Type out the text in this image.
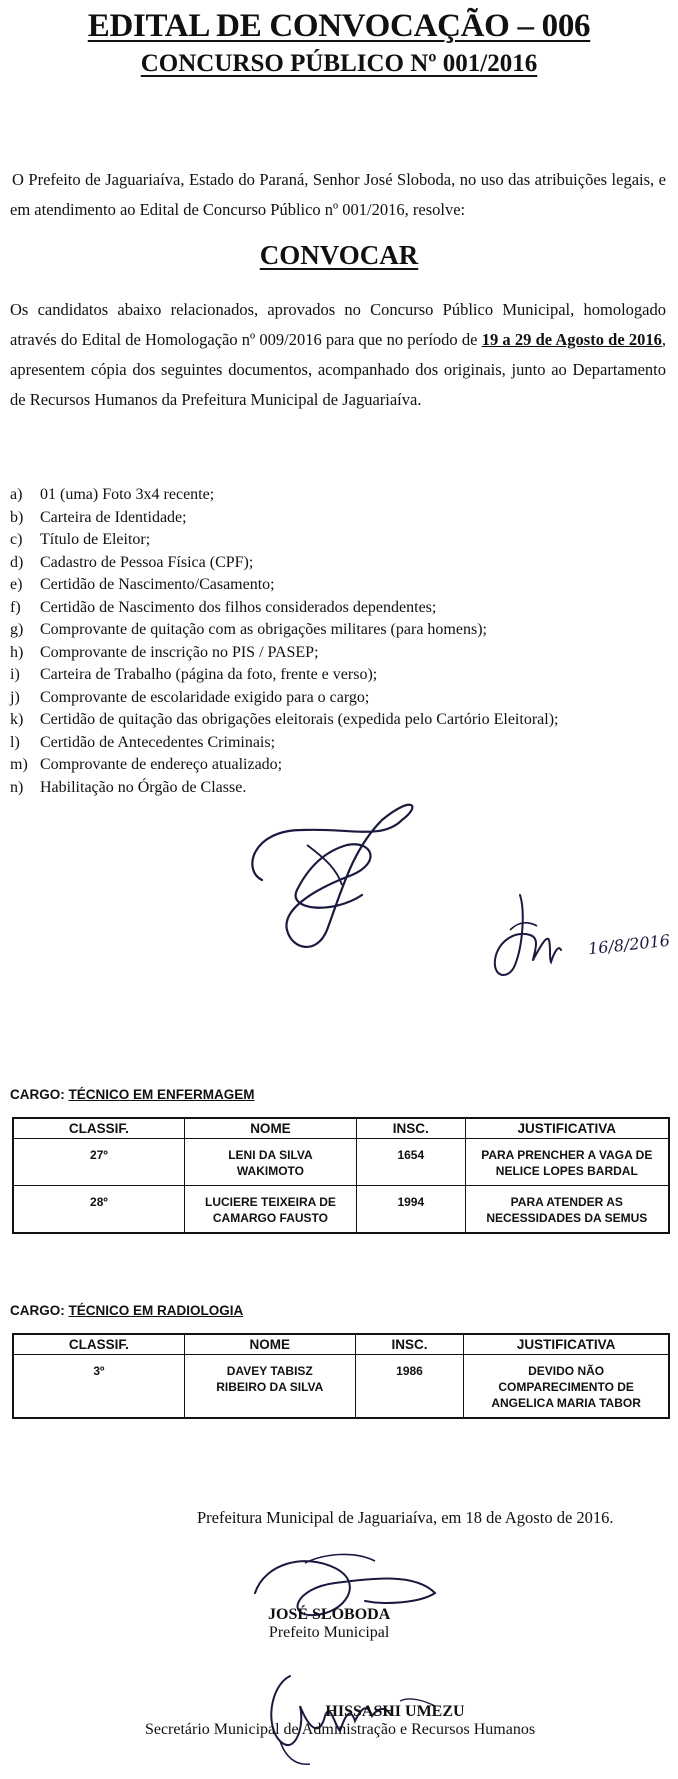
EDITAL DE CONVOCAÇÃO – 006
CONCURSO PÚBLICO Nº 001/2016

O Prefeito de Jaguariaíva, Estado do Paraná, Senhor José Sloboda, no uso das atribuições legais, e em atendimento ao Edital de Concurso Público nº 001/2016, resolve:

CONVOCAR

Os candidatos abaixo relacionados, aprovados no Concurso Público Municipal, homologado através do Edital de Homologação nº 009/2016 para que no período de 19 a 29 de Agosto de 2016, apresentem cópia dos seguintes documentos, acompanhado dos originais, junto ao Departamento de Recursos Humanos da Prefeitura Municipal de Jaguariaíva.

a)	01 (uma) Foto 3x4 recente;
b)	Carteira de Identidade;
c)	Título de Eleitor;
d)	Cadastro de Pessoa Física (CPF);
e)	Certidão de Nascimento/Casamento;
f)	Certidão de Nascimento dos filhos considerados dependentes;
g)	Comprovante de quitação com as obrigações militares (para homens);
h)	Comprovante de inscrição no PIS / PASEP;
i)	Carteira de Trabalho (página da foto, frente e verso);
j)	Comprovante de escolaridade exigido para o cargo;
k)	Certidão de quitação das obrigações eleitorais (expedida pelo Cartório Eleitoral);
l)	Certidão de Antecedentes Criminais;
m) Comprovante de endereço atualizado;
n)	Habilitação no Órgão de Classe.
16/8/2016
CARGO: TÉCNICO EM ENFERMAGEM
CLASSIF.	NOME	INSC.	JUSTIFICATIVA
27º	LENI DA SILVA WAKIMOTO	1654	PARA PRENCHER A VAGA DE NELICE LOPES BARDAL
28º	LUCIERE TEIXEIRA DE CAMARGO FAUSTO	1994	PARA ATENDER AS NECESSIDADES DA SEMUS
CARGO: TÉCNICO EM RADIOLOGIA
CLASSIF.	NOME	INSC.	JUSTIFICATIVA
3º	DAVEY TABISZ RIBEIRO DA SILVA	1986	DEVIDO NÃO COMPARECIMENTO DE ANGELICA MARIA TABOR
Prefeitura Municipal de Jaguariaíva, em 18 de Agosto de 2016.
JOSÉ SLOBODA
Prefeito Municipal
HISSASHI UMEZU
Secretário Municipal de Administração e Recursos Humanos
